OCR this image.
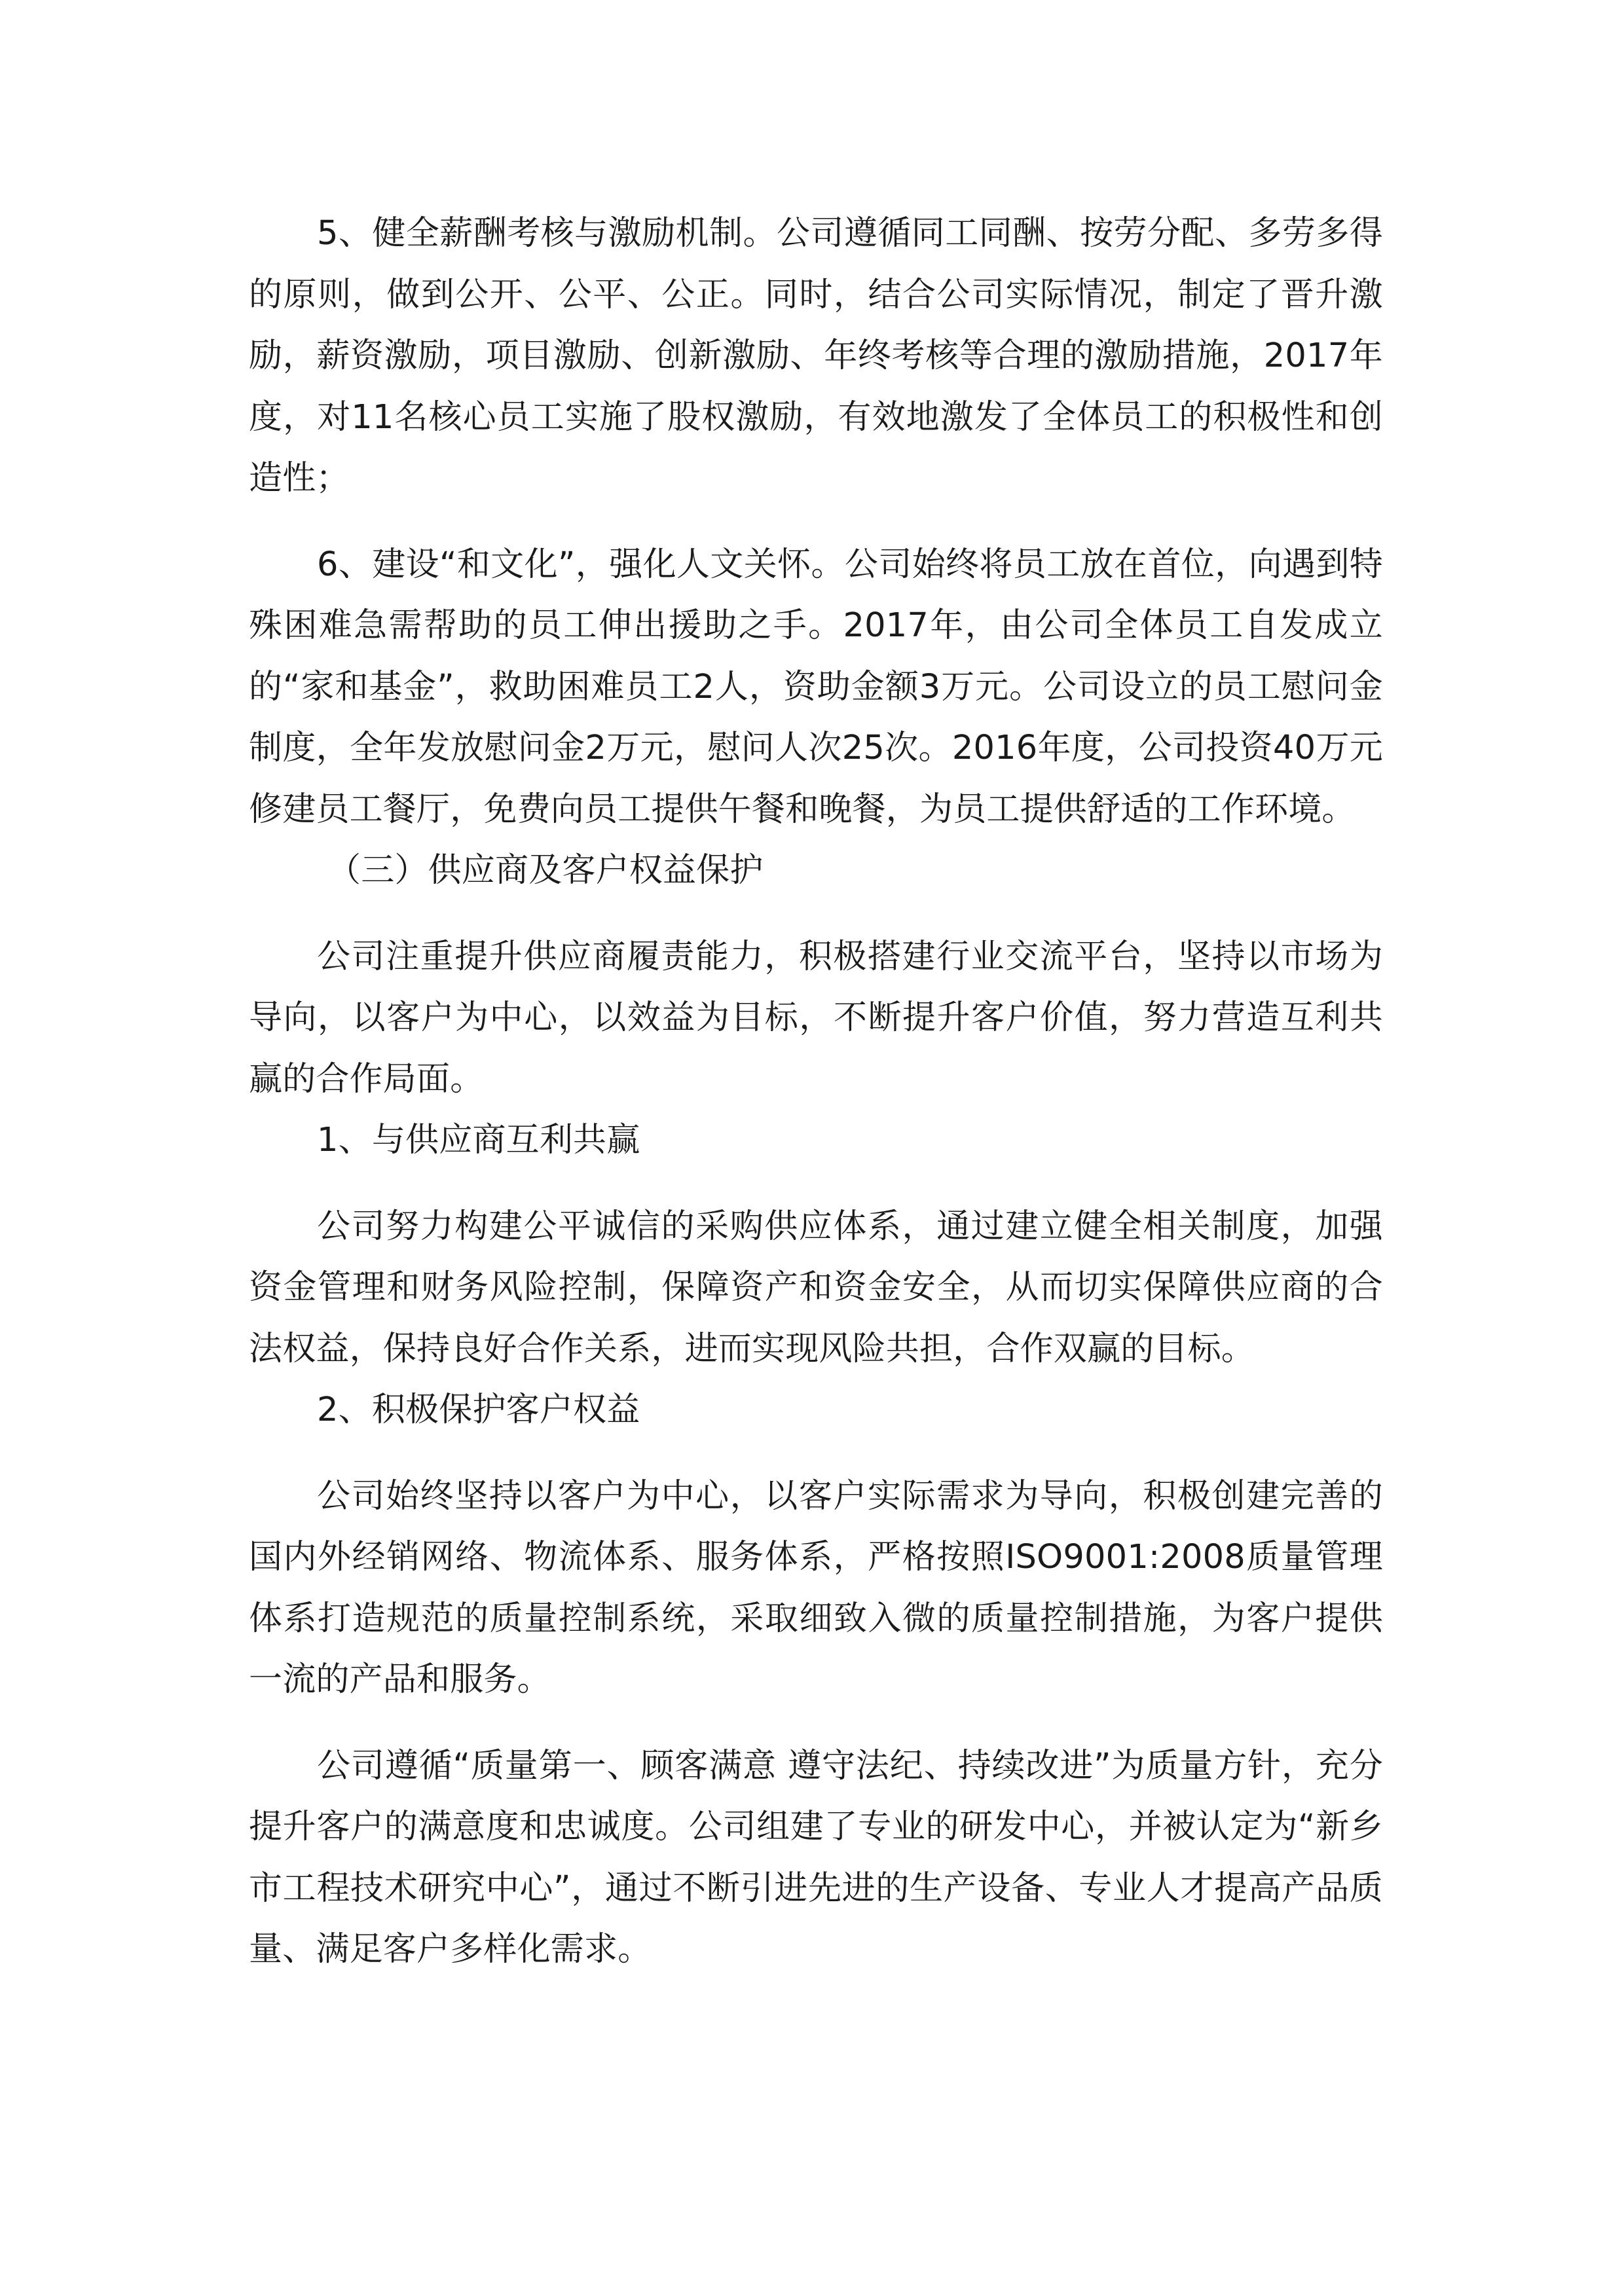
5、健全薪酬考核与激励机制。公司遵循同工同酬、按劳分配、多劳多得的原则，做到公开、公平、公正。同时，结合公司实际情况，制定了晋升激励，薪资激励，项目激励、创新激励、年终考核等合理的激励措施，2017年度，对11名核心员工实施了股权激励，有效地激发了全体员工的积极性和创造性；

6、建设“和文化”，强化人文关怀。公司始终将员工放在首位，向遇到特殊困难急需帮助的员工伸出援助之手。2017年，由公司全体员工自发成立的“家和基金”，救助困难员工2人，资助金额3万元。公司设立的员工慰问金制度，全年发放慰问金2万元，慰问人次25次。2016年度，公司投资40万元修建员工餐厅，免费向员工提供午餐和晚餐，为员工提供舒适的工作环境。

（三）供应商及客户权益保护

公司注重提升供应商履责能力，积极搭建行业交流平台，坚持以市场为导向，以客户为中心，以效益为目标，不断提升客户价值，努力营造互利共赢的合作局面。

1、与供应商互利共赢

公司努力构建公平诚信的采购供应体系，通过建立健全相关制度，加强资金管理和财务风险控制，保障资产和资金安全，从而切实保障供应商的合法权益，保持良好合作关系，进而实现风险共担，合作双赢的目标。

2、积极保护客户权益

公司始终坚持以客户为中心，以客户实际需求为导向，积极创建完善的国内外经销网络、物流体系、服务体系，严格按照ISO9001:2008质量管理体系打造规范的质量控制系统，采取细致入微的质量控制措施，为客户提供一流的产品和服务。

公司遵循“质量第一、顾客满意 遵守法纪、持续改进”为质量方针，充分提升客户的满意度和忠诚度。公司组建了专业的研发中心，并被认定为“新乡市工程技术研究中心”，通过不断引进先进的生产设备、专业人才提高产品质量、满足客户多样化需求。
